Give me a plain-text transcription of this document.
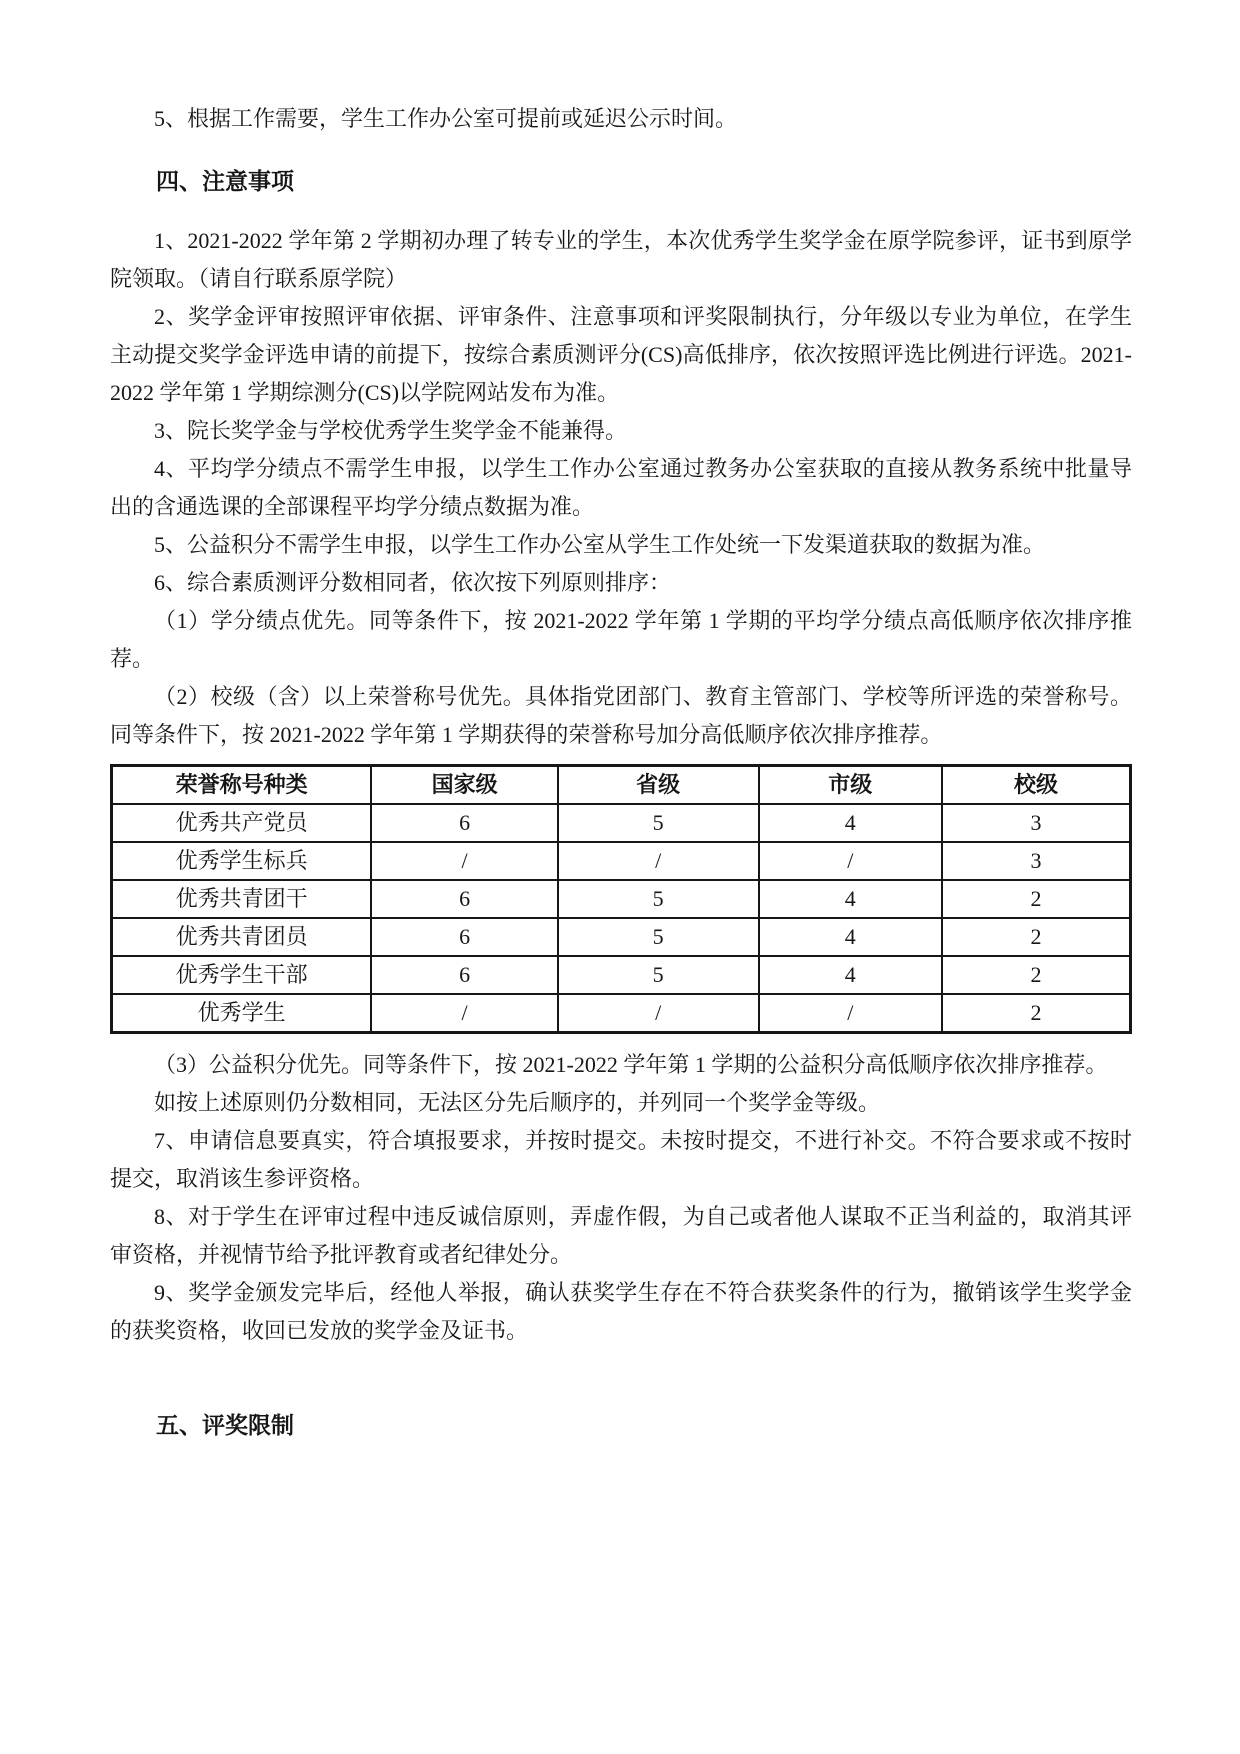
5、根据工作需要，学生工作办公室可提前或延迟公示时间。

四、注意事项

1、2021-2022 学年第 2 学期初办理了转专业的学生，本次优秀学生奖学金在原学院参评，证书到原学院领取。（请自行联系原学院）

2、奖学金评审按照评审依据、评审条件、注意事项和评奖限制执行，分年级以专业为单位，在学生主动提交奖学金评选申请的前提下，按综合素质测评分(CS)高低排序，依次按照评选比例进行评选。2021-2022 学年第 1 学期综测分(CS)以学院网站发布为准。

3、院长奖学金与学校优秀学生奖学金不能兼得。

4、平均学分绩点不需学生申报，以学生工作办公室通过教务办公室获取的直接从教务系统中批量导出的含通选课的全部课程平均学分绩点数据为准。

5、公益积分不需学生申报，以学生工作办公室从学生工作处统一下发渠道获取的数据为准。

6、综合素质测评分数相同者，依次按下列原则排序：

（1）学分绩点优先。同等条件下，按 2021-2022 学年第 1 学期的平均学分绩点高低顺序依次排序推荐。

（2）校级（含）以上荣誉称号优先。具体指党团部门、教育主管部门、学校等所评选的荣誉称号。同等条件下，按 2021-2022 学年第 1 学期获得的荣誉称号加分高低顺序依次排序推荐。

荣誉称号种类	国家级	省级	市级	校级
优秀共产党员	6	5	4	3
优秀学生标兵	/	/	/	3
优秀共青团干	6	5	4	2
优秀共青团员	6	5	4	2
优秀学生干部	6	5	4	2
优秀学生	/	/	/	2

（3）公益积分优先。同等条件下，按 2021-2022 学年第 1 学期的公益积分高低顺序依次排序推荐。

如按上述原则仍分数相同，无法区分先后顺序的，并列同一个奖学金等级。

7、申请信息要真实，符合填报要求，并按时提交。未按时提交，不进行补交。不符合要求或不按时提交，取消该生参评资格。

8、对于学生在评审过程中违反诚信原则，弄虚作假，为自己或者他人谋取不正当利益的，取消其评审资格，并视情节给予批评教育或者纪律处分。

9、奖学金颁发完毕后，经他人举报，确认获奖学生存在不符合获奖条件的行为，撤销该学生奖学金的获奖资格，收回已发放的奖学金及证书。

五、评奖限制
